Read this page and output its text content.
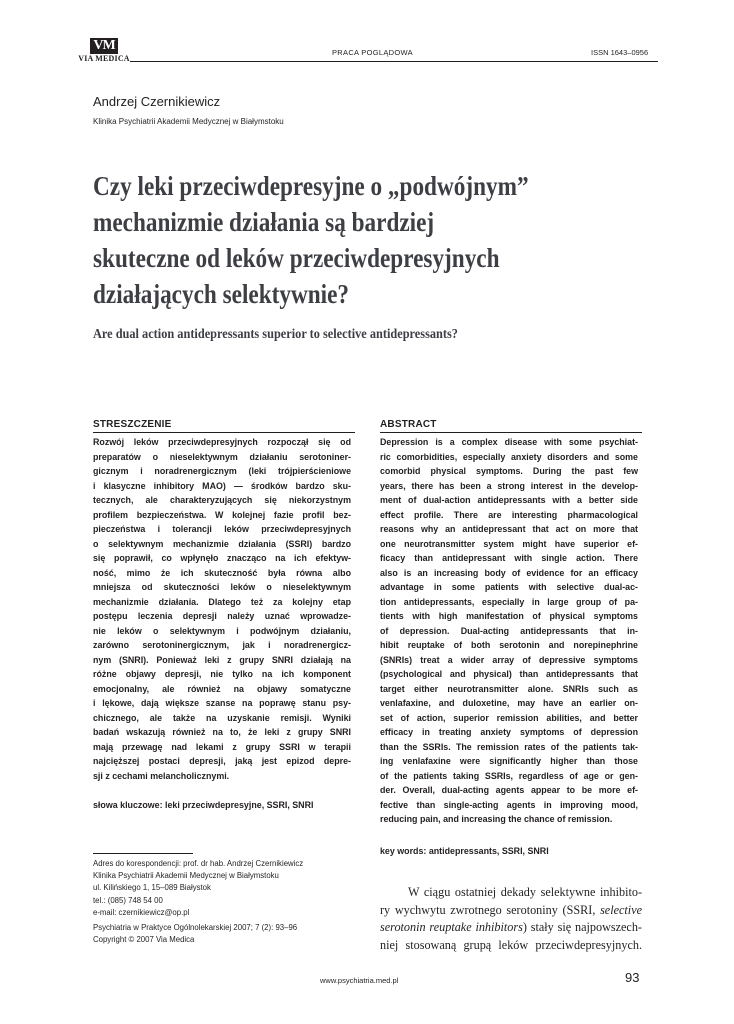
VM
VIA MEDICA
PRACA POGLĄDOWA	ISSN 1643–0956
Andrzej Czernikiewicz
Klinika Psychiatrii Akademii Medycznej w Białymstoku
Czy leki przeciwdepresyjne o „podwójnym”
mechanizmie działania są bardziej
skuteczne od leków przeciwdepresyjnych
działających selektywnie?
Are dual action antidepressants superior to selective antidepressants?
STRESZCZENIE
Rozwój leków przeciwdepresyjnych rozpoczął się od
preparatów o nieselektywnym działaniu serotoniner-
gicznym i noradrenergicznym (leki trójpierścieniowe
i klasyczne inhibitory MAO) — środków bardzo sku-
tecznych, ale charakteryzujących się niekorzystnym
profilem bezpieczeństwa. W kolejnej fazie profil bez-
pieczeństwa i tolerancji leków przeciwdepresyjnych
o selektywnym mechanizmie działania (SSRI) bardzo
się poprawił, co wpłynęło znacząco na ich efektyw-
ność, mimo że ich skuteczność była równa albo
mniejsza od skuteczności leków o nieselektywnym
mechanizmie działania. Dlatego też za kolejny etap
postępu leczenia depresji należy uznać wprowadze-
nie leków o selektywnym i podwójnym działaniu,
zarówno serotoninergicznym, jak i noradrenergicz-
nym (SNRI). Ponieważ leki z grupy SNRI działają na
różne objawy depresji, nie tylko na ich komponent
emocjonalny, ale również na objawy somatyczne
i lękowe, dają większe szanse na poprawę stanu psy-
chicznego, ale także na uzyskanie remisji. Wyniki
badań wskazują również na to, że leki z grupy SNRI
mają przewagę nad lekami z grupy SSRI w terapii
najcięższej postaci depresji, jaką jest epizod depre-
sji z cechami melancholicznymi.
słowa kluczowe: leki przeciwdepresyjne, SSRI, SNRI
ABSTRACT
Depression is a complex disease with some psychiat-
ric comorbidities, especially anxiety disorders and some
comorbid physical symptoms. During the past few
years, there has been a strong interest in the develop-
ment of dual-action antidepressants with a better side
effect profile. There are interesting pharmacological
reasons why an antidepressant that act on more that
one neurotransmitter system might have superior ef-
ficacy than antidepressant with single action. There
also is an increasing body of evidence for an efficacy
advantage in some patients with selective dual-ac-
tion antidepressants, especially in large group of pa-
tients with high manifestation of physical symptoms
of depression. Dual-acting antidepressants that in-
hibit reuptake of both serotonin and norepinephrine
(SNRIs) treat a wider array of depressive symptoms
(psychological and physical) than antidepressants that
target either neurotransmitter alone. SNRIs such as
venlafaxine, and duloxetine, may have an earlier on-
set of action, superior remission abilities, and better
efficacy in treating anxiety symptoms of depression
than the SSRIs. The remission rates of the patients tak-
ing venlafaxine were significantly higher than those
of the patients taking SSRIs, regardless of age or gen-
der. Overall, dual-acting agents appear to be more ef-
fective than single-acting agents in improving mood,
reducing pain, and increasing the chance of remission.
key words: antidepressants, SSRI, SNRI
Adres do korespondencji: prof. dr hab. Andrzej Czernikiewicz
Klinika Psychiatrii Akademii Medycznej w Białymstoku
ul. Kilińskiego 1, 15–089 Białystok
tel.: (085) 748 54 00
e-mail: czernikiewicz@op.pl
Psychiatria w Praktyce Ogólnolekarskiej 2007; 7 (2): 93–96
Copyright © 2007 Via Medica
W ciągu ostatniej dekady selektywne inhibito-
ry wychwytu zwrotnego serotoniny (SSRI, selective
serotonin reuptake inhibitors) stały się najpowszech-
niej stosowaną grupą leków przeciwdepresyjnych.
www.psychiatria.med.pl	93
